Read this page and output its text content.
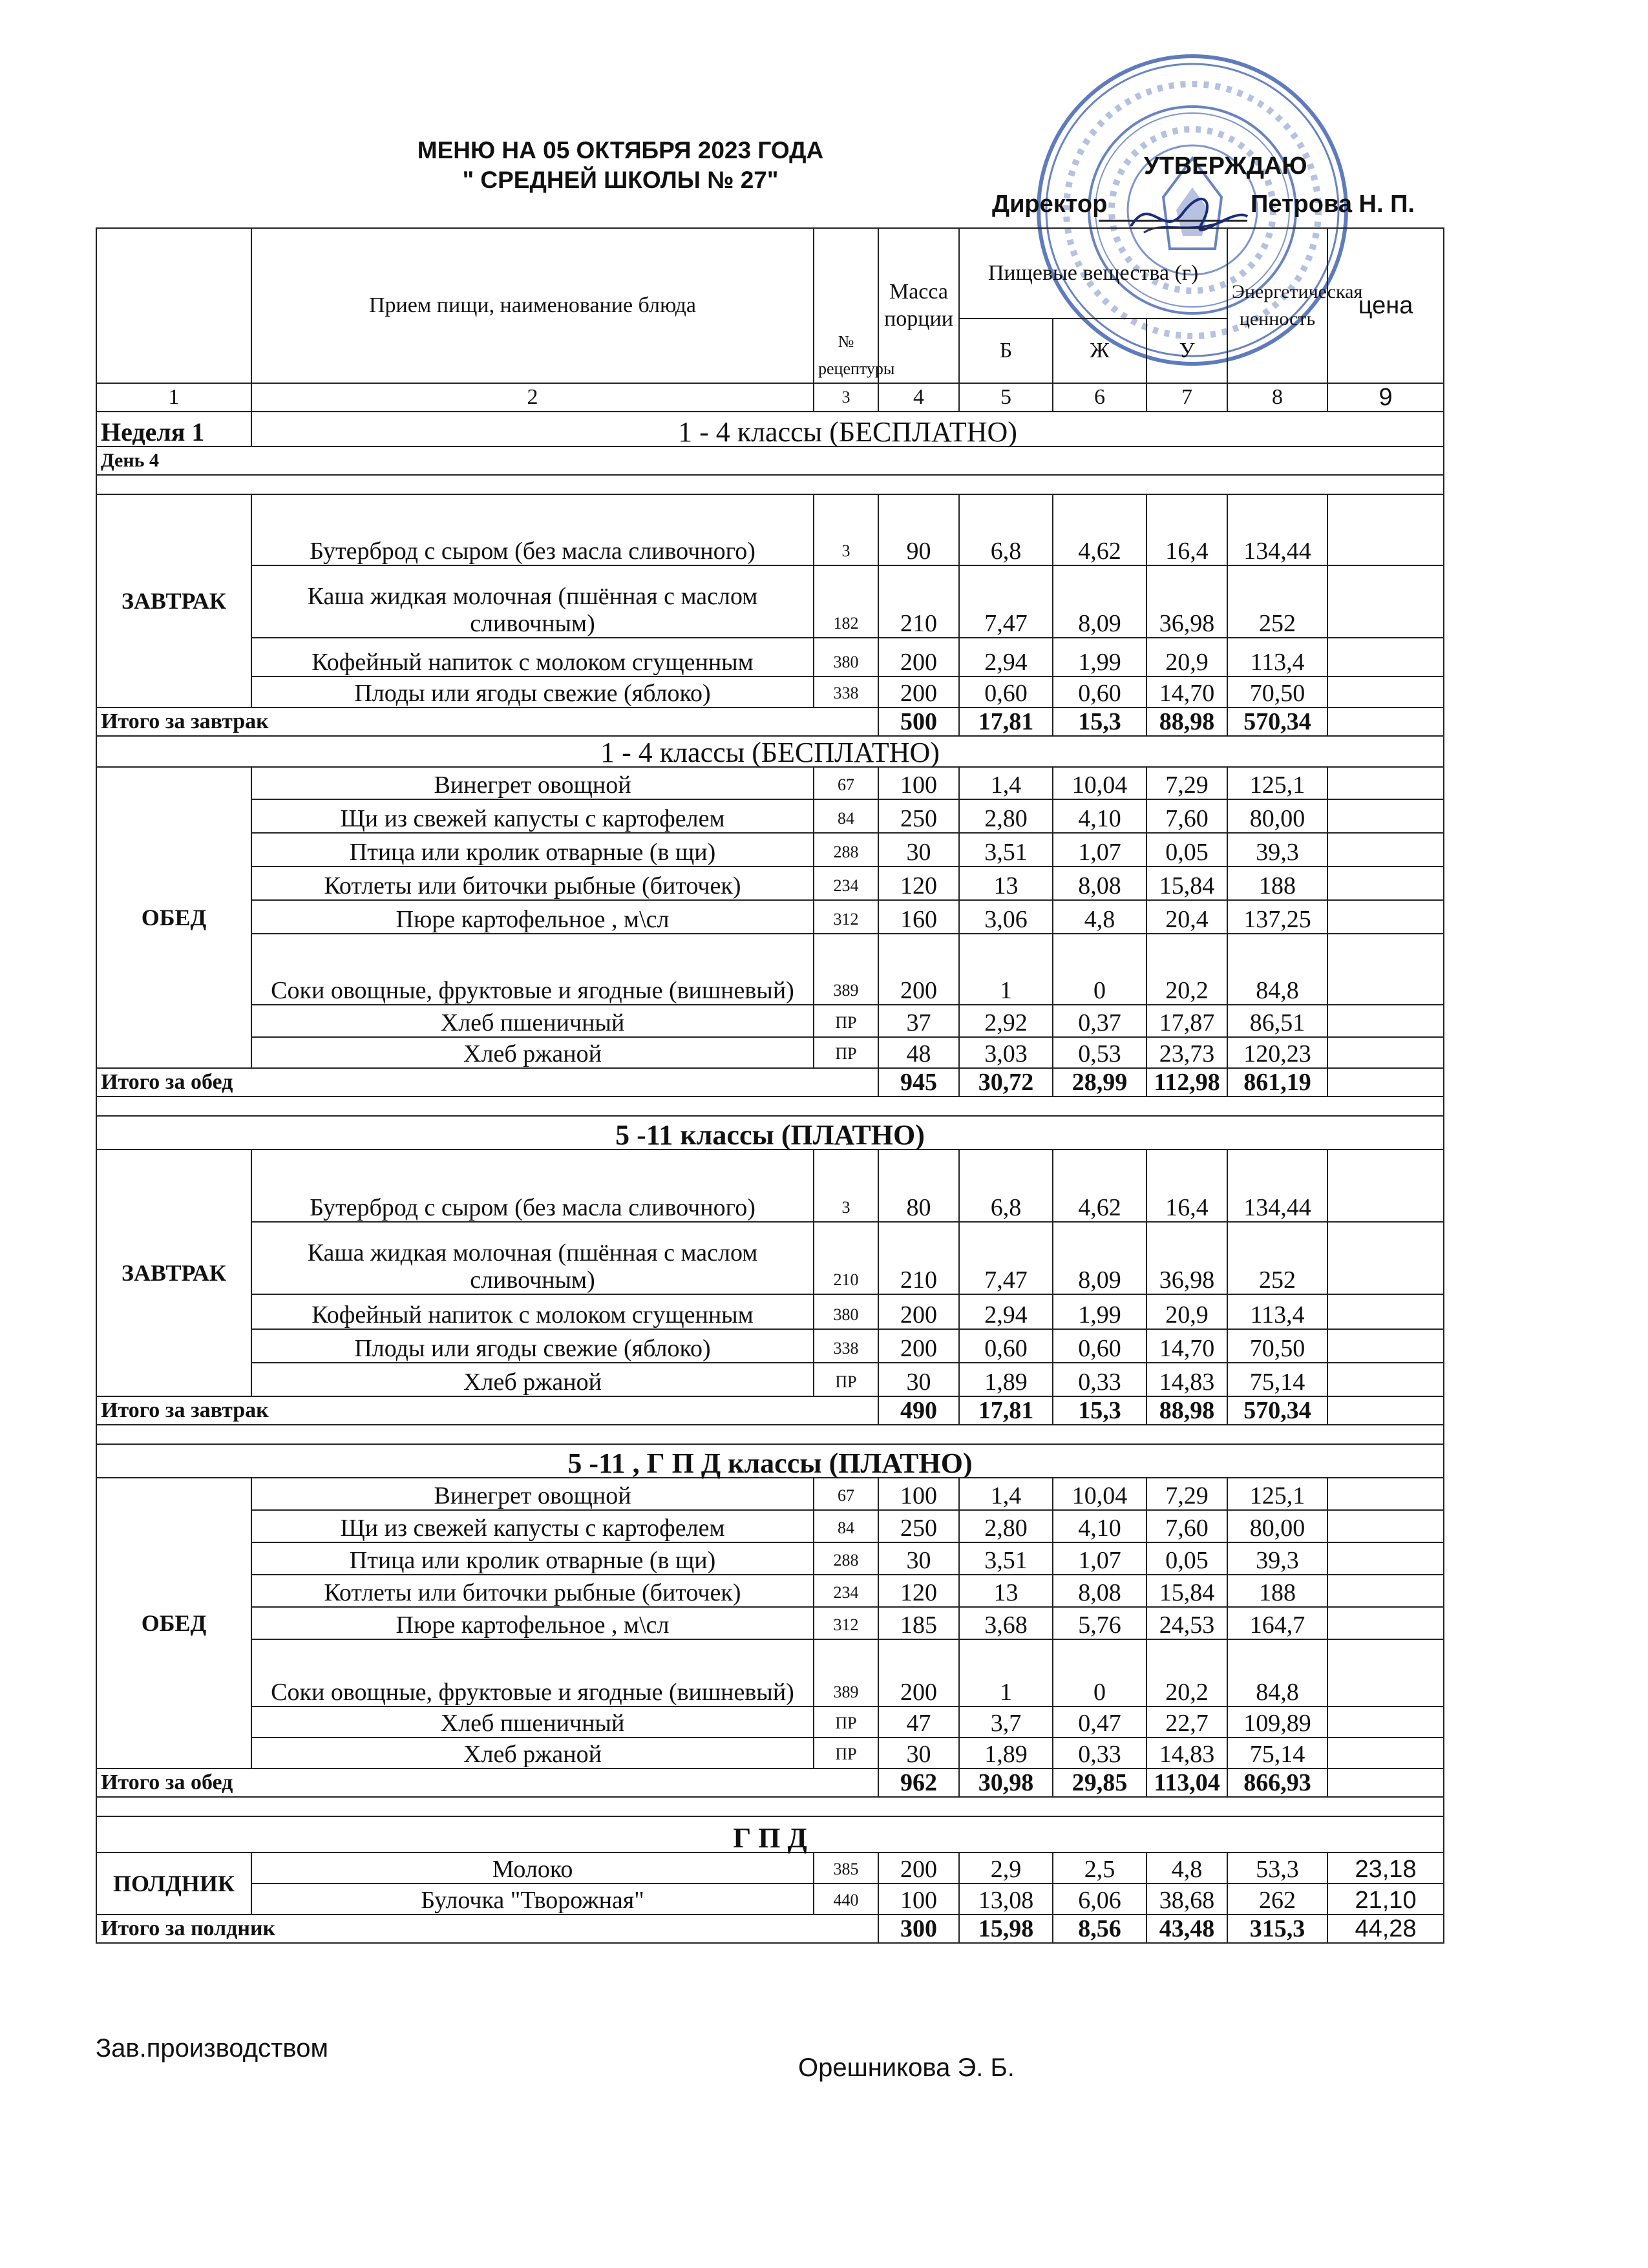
МЕНЮ НА 05 ОКТЯБРЯ 2023 ГОДА
" СРЕДНЕЙ ШКОЛЫ № 27"
УТВЕРЖДАЮ
Директор	Петрова Н. П.
	Прием пищи, наименование блюда	№ рецептуры	Масса порции	Пищевые вещества (г)			Энергетическая ценность	цена
				Б	Ж	У		
1	2	3	4	5	6	7	8	9
Неделя 1	1 - 4 классы (БЕСПЛАТНО)							
День 4								

ЗАВТРАК	Бутерброд с сыром (без масла сливочного)	3	90	6,8	4,62	16,4	134,44	
	Каша жидкая молочная (пшённая с маслом сливочным)	182	210	7,47	8,09	36,98	252	
	Кофейный напиток с молоком сгущенным	380	200	2,94	1,99	20,9	113,4	
	Плоды или ягоды свежие (яблоко)	338	200	0,60	0,60	14,70	70,50	
Итого за завтрак			500	17,81	15,3	88,98	570,34	
1 - 4 классы (БЕСПЛАТНО)								
ОБЕД	Винегрет овощной	67	100	1,4	10,04	7,29	125,1	
	Щи из свежей капусты с картофелем	84	250	2,80	4,10	7,60	80,00	
	Птица или кролик отварные (в щи)	288	30	3,51	1,07	0,05	39,3	
	Котлеты или биточки рыбные (биточек)	234	120	13	8,08	15,84	188	
	Пюре картофельное , м\сл	312	160	3,06	4,8	20,4	137,25	
	Соки овощные, фруктовые и ягодные (вишневый)	389	200	1	0	20,2	84,8	
	Хлеб пшеничный	ПР	37	2,92	0,37	17,87	86,51	
	Хлеб ржаной	ПР	48	3,03	0,53	23,73	120,23	
Итого за обед			945	30,72	28,99	112,98	861,19	

5 -11 классы (ПЛАТНО)								
ЗАВТРАК	Бутерброд с сыром (без масла сливочного)	3	80	6,8	4,62	16,4	134,44	
	Каша жидкая молочная (пшённая с маслом сливочным)	210	210	7,47	8,09	36,98	252	
	Кофейный напиток с молоком сгущенным	380	200	2,94	1,99	20,9	113,4	
	Плоды или ягоды свежие (яблоко)	338	200	0,60	0,60	14,70	70,50	
	Хлеб ржаной	ПР	30	1,89	0,33	14,83	75,14	
Итого за завтрак			490	17,81	15,3	88,98	570,34	

5 -11 , Г П Д классы (ПЛАТНО)								
ОБЕД	Винегрет овощной	67	100	1,4	10,04	7,29	125,1	
	Щи из свежей капусты с картофелем	84	250	2,80	4,10	7,60	80,00	
	Птица или кролик отварные (в щи)	288	30	3,51	1,07	0,05	39,3	
	Котлеты или биточки рыбные (биточек)	234	120	13	8,08	15,84	188	
	Пюре картофельное , м\сл	312	185	3,68	5,76	24,53	164,7	
	Соки овощные, фруктовые и ягодные (вишневый)	389	200	1	0	20,2	84,8	
	Хлеб пшеничный	ПР	47	3,7	0,47	22,7	109,89	
	Хлеб ржаной	ПР	30	1,89	0,33	14,83	75,14	
Итого за обед			962	30,98	29,85	113,04	866,93	

Г П Д								
ПОЛДНИК	Молоко	385	200	2,9	2,5	4,8	53,3	23,18
	Булочка "Творожная"	440	100	13,08	6,06	38,68	262	21,10
Итого за полдник			300	15,98	8,56	43,48	315,3	44,28
Зав.производством
Орешникова Э. Б.
